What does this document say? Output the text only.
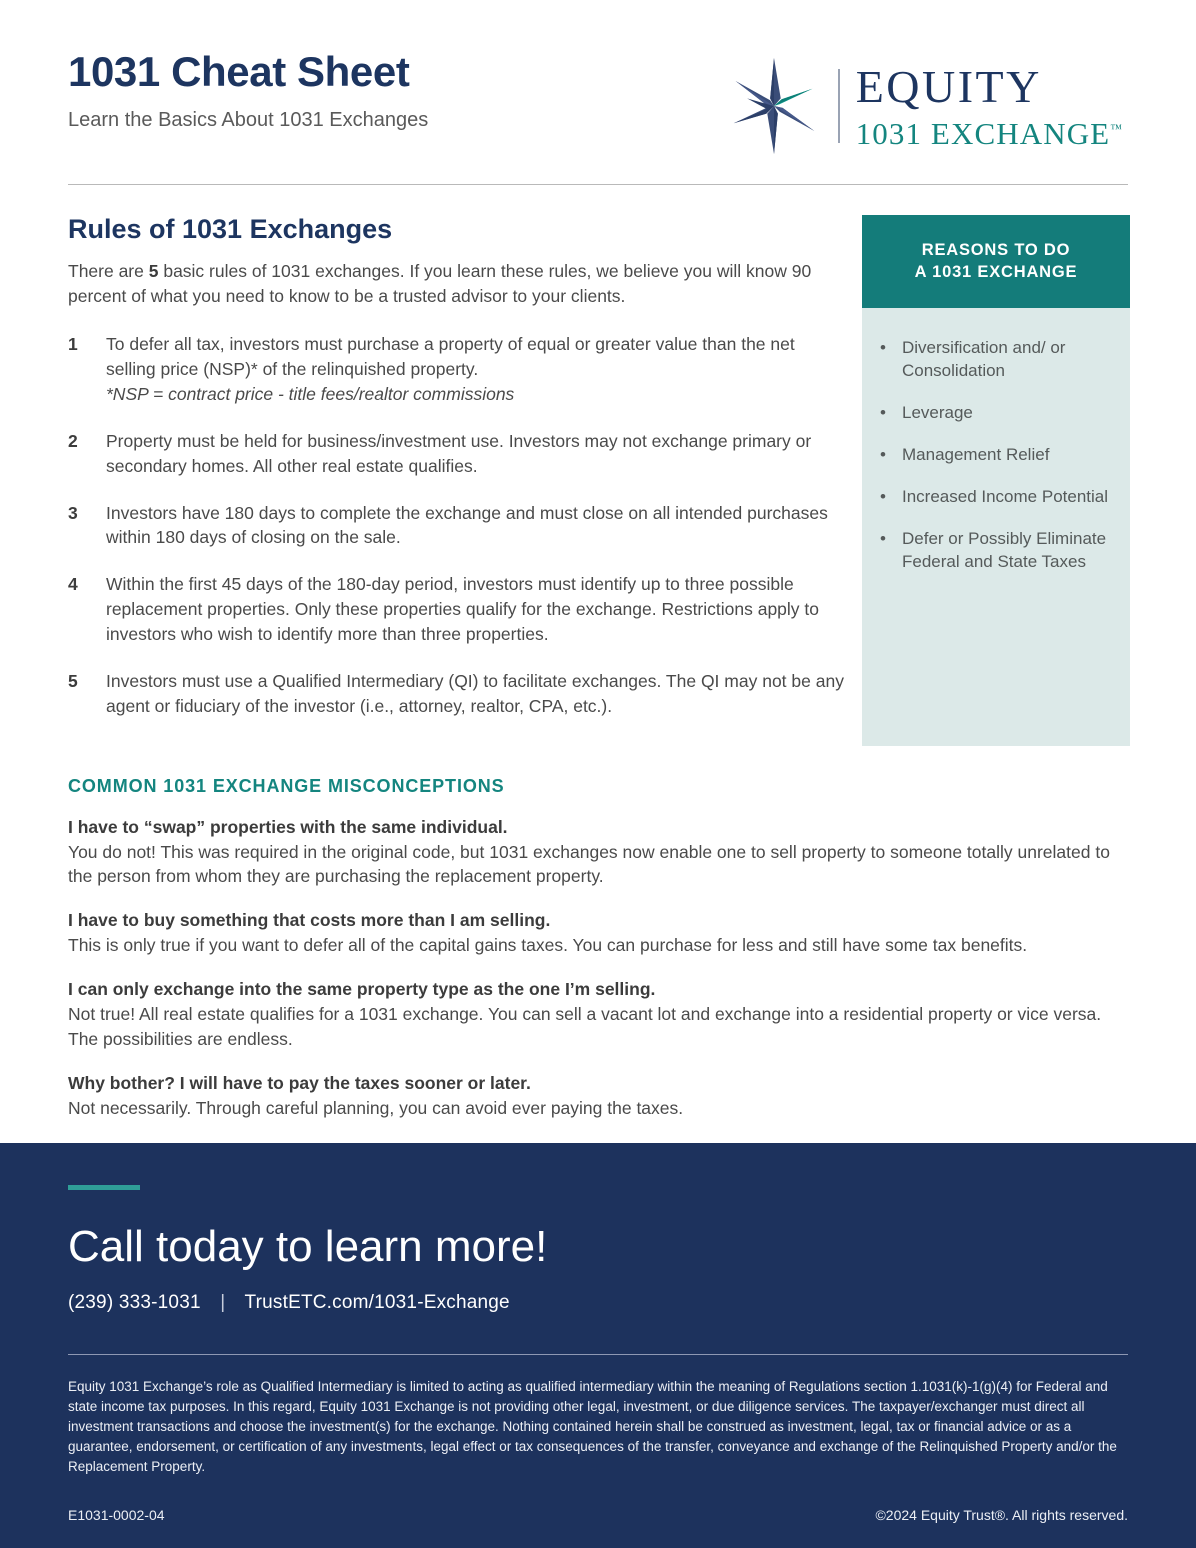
1031 Cheat Sheet

Learn the Basics About 1031 Exchanges

EQUITY
1031 EXCHANGE™
Rules of 1031 Exchanges

There are 5 basic rules of 1031 exchanges. If you learn these rules, we believe you will know 90 percent of what you need to know to be a trusted advisor to your clients.

1	To defer all tax, investors must purchase a property of equal or greater value than the net selling price (NSP)* of the relinquished property.
*NSP = contract price - title fees/realtor commissions
2	Property must be held for business/investment use. Investors may not exchange primary or secondary homes. All other real estate qualifies.
3	Investors have 180 days to complete the exchange and must close on all intended purchases within 180 days of closing on the sale.
4	Within the first 45 days of the 180-day period, investors must identify up to three possible replacement properties. Only these properties qualify for the exchange. Restrictions apply to investors who wish to identify more than three properties.
5	Investors must use a Qualified Intermediary (QI) to facilitate exchanges. The QI may not be any agent or fiduciary of the investor (i.e., attorney, realtor, CPA, etc.).
REASONS TO DO
A 1031 EXCHANGE
• Diversification and/ or Consolidation
• Leverage
• Management Relief
• Increased Income Potential
• Defer or Possibly Eliminate Federal and State Taxes
COMMON 1031 EXCHANGE MISCONCEPTIONS

I have to “swap” properties with the same individual.

You do not! This was required in the original code, but 1031 exchanges now enable one to sell property to someone totally unrelated to the person from whom they are purchasing the replacement property.

I have to buy something that costs more than I am selling.

This is only true if you want to defer all of the capital gains taxes. You can purchase for less and still have some tax benefits.

I can only exchange into the same property type as the one I’m selling.

Not true! All real estate qualifies for a 1031 exchange. You can sell a vacant lot and exchange into a residential property or vice versa. The possibilities are endless.

Why bother? I will have to pay the taxes sooner or later.

Not necessarily. Through careful planning, you can avoid ever paying the taxes.

Call today to learn more!
(239) 333-1031 | TrustETC.com/1031-Exchange

Equity 1031 Exchange’s role as Qualified Intermediary is limited to acting as qualified intermediary within the meaning of Regulations section 1.1031(k)-1(g)(4) for Federal and state income tax purposes. In this regard, Equity 1031 Exchange is not providing other legal, investment, or due diligence services. The taxpayer/exchanger must direct all investment transactions and choose the investment(s) for the exchange. Nothing contained herein shall be construed as investment, legal, tax or financial advice or as a guarantee, endorsement, or certification of any investments, legal effect or tax consequences of the transfer, conveyance and exchange of the Relinquished Property and/or the Replacement Property.

E1031-0002-04	©2024 Equity Trust®. All rights reserved.
